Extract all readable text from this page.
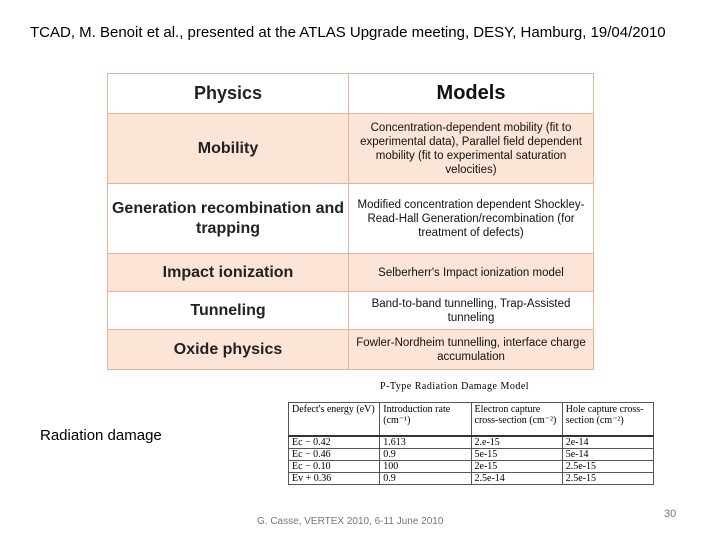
TCAD, M. Benoit et al., presented at the ATLAS Upgrade meeting, DESY, Hamburg, 19/04/2010
Physics	Models

Mobility	Concentration-dependent mobility (fit to experimental data), Parallel field dependent mobility (fit to experimental saturation velocities)

Generation recombination and trapping	Modified concentration dependent Shockley-Read-Hall Generation/recombination (for treatment of defects)

Impact ionization	Selberherr's Impact ionization model

Tunneling	Band-to-band tunnelling, Trap-Assisted tunneling

Oxide physics	Fowler-Nordheim tunnelling, interface charge accumulation
Radiation damage
P-Type Radiation Damage Model
Defect's energy (eV)	Introduction rate (cm⁻¹)	Electron capture cross-section (cm⁻²)	Hole capture cross-section (cm⁻²)
Ec − 0.42	1.613	2.e-15	2e-14
Ec − 0.46	0.9	5e-15	5e-14
Ec − 0.10	100	2e-15	2.5e-15
Ev + 0.36	0.9	2.5e-14	2.5e-15
G. Casse, VERTEX 2010, 6-11 June 2010
30
